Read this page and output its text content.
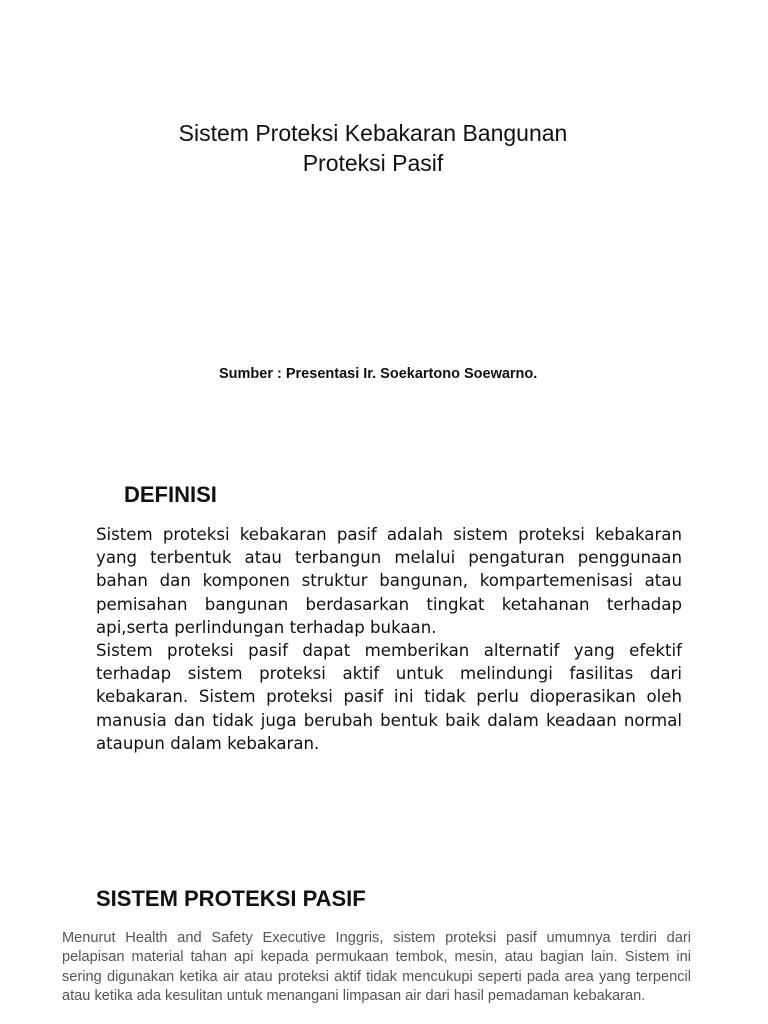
Sistem Proteksi Kebakaran Bangunan
Proteksi Pasif
Sumber : Presentasi Ir. Soekartono Soewarno.
DEFINISI

Sistem proteksi kebakaran pasif adalah sistem proteksi kebakaran yang terbentuk atau terbangun melalui pengaturan penggunaan bahan dan komponen struktur bangunan, kompartemenisasi atau pemisahan bangunan berdasarkan tingkat ketahanan terhadap api,serta perlindungan terhadap bukaan.

Sistem proteksi pasif dapat memberikan alternatif yang efektif terhadap sistem proteksi aktif untuk melindungi fasilitas dari kebakaran. Sistem proteksi pasif ini tidak perlu dioperasikan oleh manusia dan tidak juga berubah bentuk baik dalam keadaan normal ataupun dalam kebakaran.

SISTEM PROTEKSI PASIF

Menurut Health and Safety Executive Inggris, sistem proteksi pasif umumnya terdiri dari pelapisan material tahan api kepada permukaan tembok, mesin, atau bagian lain. Sistem ini sering digunakan ketika air atau proteksi aktif tidak mencukupi seperti pada area yang terpencil atau ketika ada kesulitan untuk menangani limpasan air dari hasil pemadaman kebakaran.
